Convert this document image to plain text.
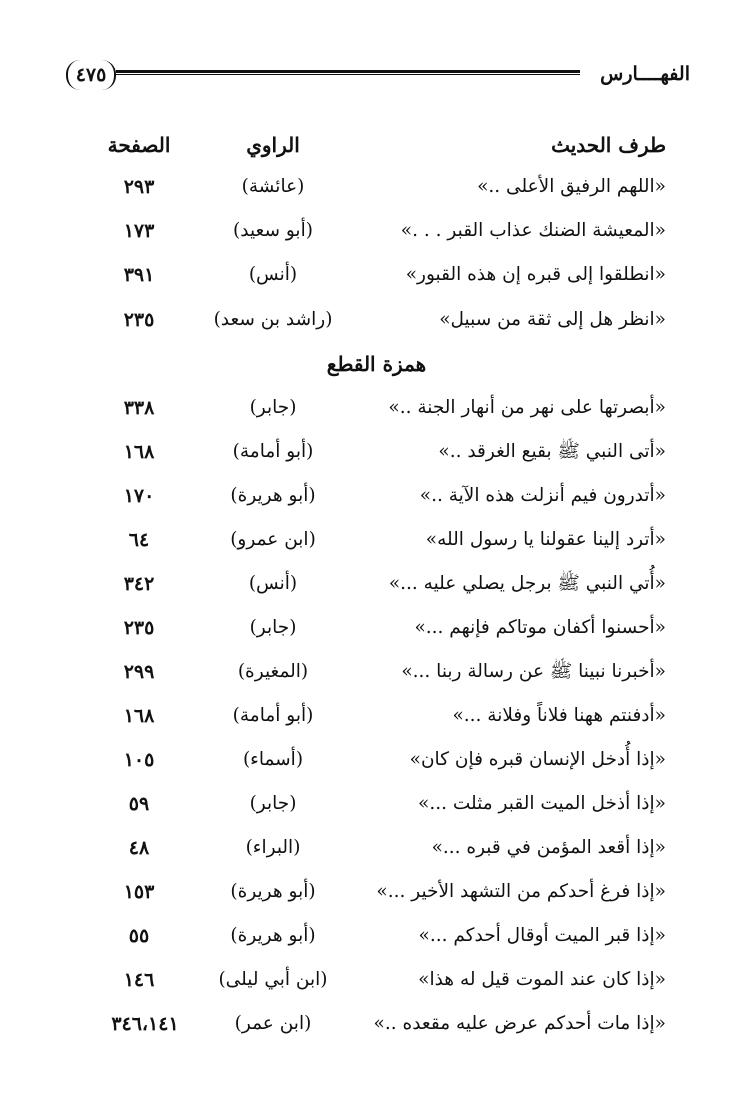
٤٧٥	الفهــــارس
طرف الحديث
الراوي
الصفحة
«اللهم الرفيق الأعلى ..»
(عائشة)
٢٩٣
«المعيشة الضنك عذاب القبر . . .»
(أبو سعيد)
١٧٣
«انطلقوا إلى قبره إن هذه القبور»
(أنس)
٣٩١
«انظر هل إلى ثقة من سبيل»
(راشد بن سعد)
٢٣٥
همزة القطع
«أبصرتها على نهر من أنهار الجنة ..»
(جابر)
٣٣٨
«أتى النبي ﷺ بقيع الغرقد ..»
(أبو أمامة)
١٦٨
«أتدرون فيم أنزلت هذه الآية ..»
(أبو هريرة)
١٧٠
«أترد إلينا عقولنا يا رسول الله»
(ابن عمرو)
٦٤
«أُتي النبي ﷺ برجل يصلي عليه ...»
(أنس)
٣٤٢
«أحسنوا أكفان موتاكم فإنهم ...»
(جابر)
٢٣٥
«أخبرنا نبينا ﷺ عن رسالة ربنا ...»
(المغيرة)
٢٩٩
«أدفنتم ههنا فلاناً وفلانة ...»
(أبو أمامة)
١٦٨
«إذا أُدخل الإنسان قبره فإن كان»
(أسماء)
١٠٥
«إذا أذخل الميت القبر مثلت ...»
(جابر)
٥٩
«إذا أقعد المؤمن في قبره ...»
(البراء)
٤٨
«إذا فرغ أحدكم من التشهد الأخير ...»
(أبو هريرة)
١٥٣
«إذا قبر الميت أوقال أحدكم ...»
(أبو هريرة)
٥٥
«إذا كان عند الموت قيل له هذا»
(ابن أبي ليلى)
١٤٦
«إذا مات أحدكم عرض عليه مقعده ..»
(ابن عمر)
٣٤٦،١٤١
